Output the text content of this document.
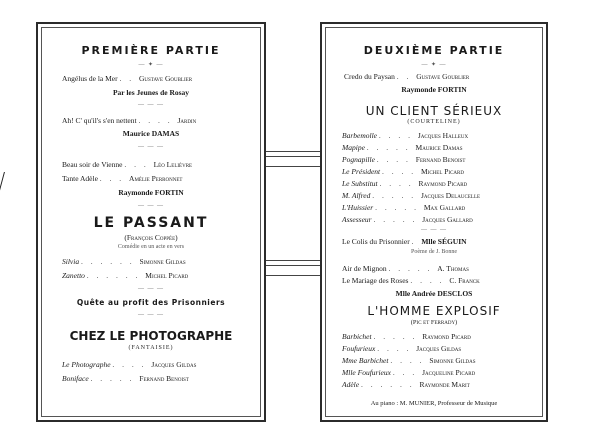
PREMIÈRE PARTIE
— ✦ —
Angélus de la Mer . . Gustave Goublier
Par les Jeunes de Rosay
— — —
Ah! C' qu'il's s'en nettent . . . . Jardin
Maurice DAMAS
— — —
Beau soir de Vienne . . . Léo Lelièvre
Tante Adèle . . . Amélie Perronnet
Raymonde FORTIN
— — —
LE PASSANT
(François Coppée)
Comédie en un acte en vers
Silvia . . . . . . Simonne Gildas
Zanetto . . . . . . Michel Picard
— — —
Quête au profit des Prisonniers
— — —
CHEZ LE PHOTOGRAPHE
(FANTAISIE)
Le Photographe . . . . Jacques Gildas
Boniface . . . . . Fernand Benoist
DEUXIÈME PARTIE
— ✦ —
Credo du Paysan . . Gustave Goublier
Raymonde FORTIN
UN CLIENT SÉRIEUX
(COURTELINE)
Barbemolle . . . . Jacques Halleux
Mapipe . . . . . Maurice Damas
Pognapille . . . . Fernand Benoist
Le Président . . . . Michel Picard
Le Substitut . . . . Raymond Picard
M. Alfred . . . . . Jacques Delaucelle
L'Huissier . . . . . Max Gallard
Assesseur . . . . . Jacques Gallard
— — —
Le Colis du Prisonnier . Mlle SÉGUIN
Poème de J. Bonne
Air de Mignon . . . . . A. Thomas
Le Mariage des Roses . . . . C. Franck
Mlle Andrée DESCLOS
L'HOMME EXPLOSIF
(Pic et Ferrady)
Barbichet . . . . . Raymond Picard
Foufurieux . . . . Jacques Gildas
Mme Barbichet . . . . Simonne Gildas
Mlle Foufurieux . . . Jacqueline Picard
Adèle . . . . . . Raymonde Marit
Au piano : M. MUNIER, Professeur de Musique
